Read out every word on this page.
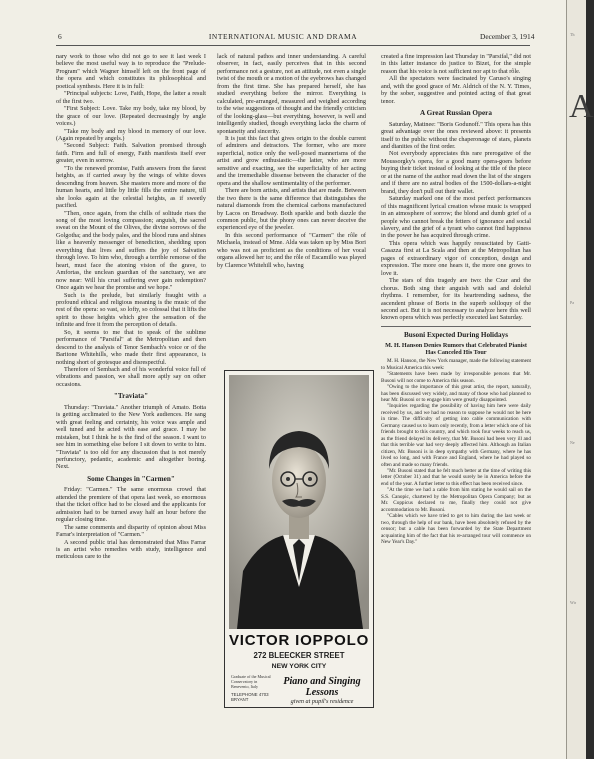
6	INTERNATIONAL MUSIC AND DRAMA	December 3, 1914

nary work to those who did not go to see it last week I believe the most useful way is to reproduce the "Prelude-Program" which Wagner himself left on the front page of the opera and which constitutes its philosophical and poetical synthesis. Here it is in full:

"Principal subjects: Love, Faith, Hope, the latter a result of the first two.

"First Subject: Love. Take my body, take my blood, by the grace of our love. (Repeated decreasingly by angle voices.)

"Take my body and my blood in memory of our love. (Again repeated by angels.)

"Second Subject: Faith. Salvation promised through faith. Firm and full of energy, Faith manifests itself ever greater, even in sorrow.

"To the renewed promise, Faith answers from the farest heights, as if carried away by the wings of white doves descending from heaven. She masters more and more of the human hearts, and little by little fills the entire nature, till she looks again at the celestial heights, as if sweetly pacified.

"Then, once again, from the chills of solitude rises the song of the most loving compassion; anguish, the sacred sweat on the Mount of the Olives, the divine sorrows of the Golgotha; and the body pales, and the blood runs and shines like a heavenly messenger of benediction, shedding upon everything that lives and suffers the joy of Salvation through love. To him who, through a terrible remorse of the heart, must face the atoning vision of the grave, to Amfortas, the unclean guardian of the sanctuary, we are now near: Will his cruel suffering ever gain redemption? Once again we hear the promise and we hope."

Such is the prelude, but similarly fraught with a profound ethical and religious meaning is the music of the rest of the opera: so vast, so lofty, so colossal that it lifts the spirit to those heights which give the sensation of the infinite and free it from the perception of details.

So, it seems to me that to speak of the sublime performance of "Parsifal" at the Metropolitan and then descend to the analysis of Tenor Sembach's voice or of the Baritone Whitehills, who made their first appearance, is nothing short of grotesque and disrespectful.

Therefore of Sembach and of his wonderful voice full of vibrations and passion, we shall more aptly say on other occasions.

"Traviata"

Thursday: "Traviata." Another triumph of Amato. Botta is getting acclimated to the New York audiences. He sang with great feeling and certainty, his voice was ample and well tuned and he acted with ease and grace. I may be mistaken, but I think he is the find of the season. I want to see him in something else before I sit down to write to him. "Traviata" is too old for any discussion that is not merely perfunctory, pedantic, academic and altogether boring. Next.

Some Changes in "Carmen"

Friday: "Carmen." The same enormous crowd that attended the premiere of that opera last week, so enormous that the ticket office had to be closed and the applicants for admission had to be turned away half an hour before the regular closing time.

The same comments and disparity of opinion about Miss Farrar's interpretation of "Carmen."

A second public trial has demonstrated that Miss Farrar is an artist who remedies with study, intelligence and meticulous care to the

lack of natural pathos and inner understanding. A careful observer, in fact, easily perceives that in this second performance not a gesture, not an attitude, not even a single twist of the mouth or a motion of the eyebrows has changed from the first time. She has prepared herself, she has studied everything before the mirror. Everything is calculated, pre-arranged, measured and weighed according to the wise suggestions of thought and the friendly criticism of the looking-glass—but everything, however, is well and intelligently studied, though everything lacks the charm of spontaneity and sincerity.

It is just this fact that gives origin to the double current of admirers and detractors. The former, who are more superficial, notice only the well-posed mannerisms of the artist and grow enthusiastic—the latter, who are more sensitive and exacting, see the superficiality of her acting and the irremediable dissense between the character of the opera and the shallow sentimentality of the performer.

There are born artists, and artists that are made. Between the two there is the same difference that distinguishes the natural diamonds from the chemical carbons manufactured by Lacos on Broadway. Both sparkle and both dazzle the common public, but the phony ones can never deceive the experienced eye of the jeweler.

In this second performance of "Carmen" the rôle of Michaela, instead of Mme. Alda was taken up by Miss Bori who was not as proficient as the conditions of her vocal organs allowed her to; and the rôle of Escamillo was played by Clarence Whitehill who, having

created a fine impression last Thursday in "Parsifal," did not in this latter instance do justice to Bizet, for the simple reason that his voice is not sufficient nor apt to that rôle.

All the spectators were fascinated by Caruso's singing and, with the good grace of Mr. Aldrich of the N. Y. Times, by the sober, suggestive and pointed acting of that great tenor.

A Great Russian Opera

Saturday, Matinee: "Boris Godunoff." This opera has this great advantage over the ones reviewed above: it presents itself to the public without the chaperonage of stars, planets and dianities of the first order.

Not everybody appreciates this rare prerogative of the Moussorgky's opera, for a good many opera-goers before buying their ticket instead of looking at the title of the piece or at the name of the author read down the list of the singers and if there are no astral bodies of the 1500-dollars-a-night brand, they don't pull out their wallet.

Saturday marked one of the most perfect performances of this magnificent lyrical creation whose music is wrapped in an atmosphere of sorrow; the blond and dumb grief of a people who cannot break the fetters of ignorance and social slavery, and the grief of a tyrant who cannot find happiness in the power he has acquired through crime.

This opera which was happily resuscitated by Gatti-Casazza first at La Scala and then at the Metropolitan has pages of extraordinary vigor of conception, design and expression. The more one hears it, the more one grows to love it.

The stars of this tragedy are two: the Czar and the chorus. Both sing their anguish with sad and doleful rhythms. I remember, for its heartrending sadness, the ascendent phrase of Boris in the superb soliloquy of the second act. But it is not necessary to analyze here this well known opera which was perfectly executed last Saturday.

Busoni Expected During Holidays
M. H. Hanson Denies Rumors that Celebrated Pianist Has Canceled His Tour

M. H. Hanson, the New York manager, made the following statement to Musical America this week:

"Statements have been made by irresponsible persons that Mr. Busoni will not come to America this season.

"Owing to the importance of this great artist, the report, naturally, has been discussed very widely, and many of those who had planned to hear Mr. Busoni or to engage him were greatly disappointed.

"Inquiries regarding the possibility of having him here were daily received by us, and we had no reason to suppose he would not be here in time. The difficulty of getting into cable communication with Germany caused us to learn only recently, from a letter which one of his friends brought to this country, and which took four weeks to reach us, as the friend delayed its delivery, that Mr. Busoni had been very ill and that this terrible war had very deeply affected him. Although an Italian citizen, Mr. Busoni is in deep sympathy with Germany, where he has lived so long, and with France and England, where he had played so often and made so many friends.

"Mr. Busoni stated that he felt much better at the time of writing this letter (October 31) and that he would surely be in America before the end of the year. A further letter to this effect has been received since.

"At the time we had a cable from him stating he would sail on the S.S. Canopic, chartered by the Metropolitan Opera Company; but as Mr. Coppicus declared to me, finally they could not give accommodation to Mr. Busoni.

"Cables which we have tried to get to him during the last week or two, through the help of our bank, have been absolutely refused by the censor; but a cable has been forwarded by the State Department acquainting him of the fact that his re-arranged tour will commence on New Year's Day."

VICTOR IOPPOLO
272 BLEECKER STREET
NEW YORK CITY
Graduate of the Musical Conservatory in Benevento, Italy
TELEPHONE 4703 BRYANT
Piano and Singing Lessons
given at pupil's residence
A
Th
Pa
Ne
Wir
